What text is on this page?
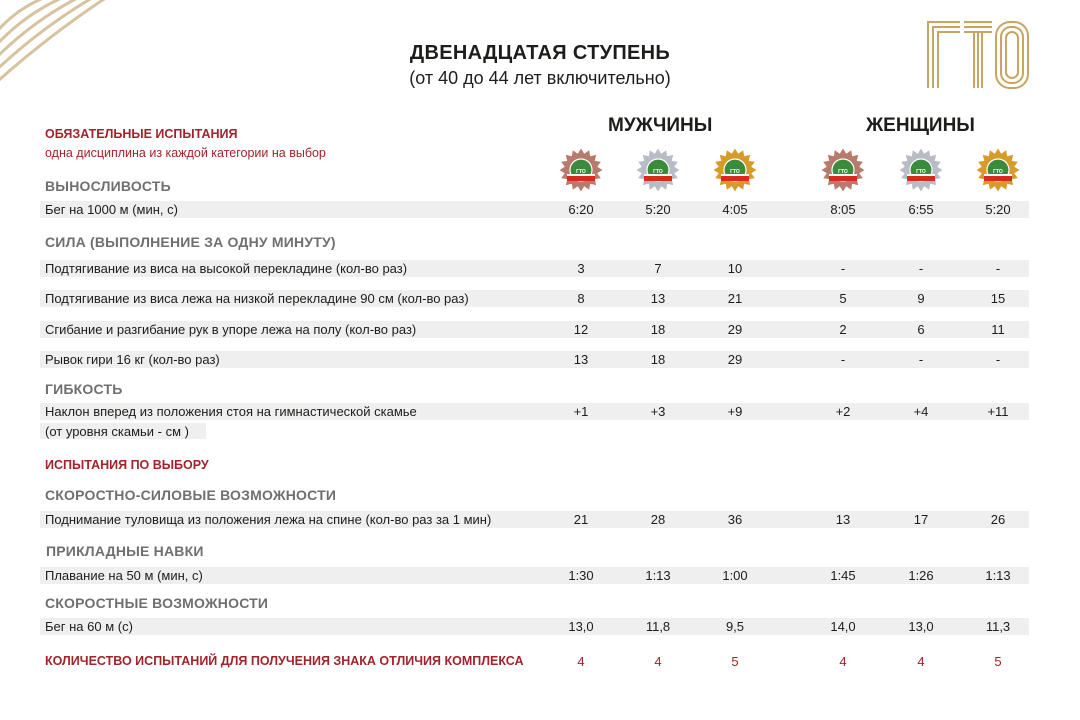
ДВЕНАДЦАТАЯ СТУПЕНЬ
(от 40 до 44 лет включительно)
МУЖЧИНЫ	ЖЕНЩИНЫ
ГТО	ГТО	ГТО	ГТО	ГТО	ГТО
ОБЯЗАТЕЛЬНЫЕ ИСПЫТАНИЯ
одна дисциплина из каждой категории на выбор
ВЫНОСЛИВОСТЬ
Бег на 1000 м (мин, с)	6:20	5:20	4:05	8:05	6:55	5:20
СИЛА (ВЫПОЛНЕНИЕ ЗА ОДНУ МИНУТУ)
Подтягивание из виса на высокой перекладине (кол-во раз)	3	7	10	-	-	-
Подтягивание из виса лежа на низкой перекладине 90 см (кол-во раз)	8	13	21	5	9	15
Сгибание и разгибание рук в упоре лежа на полу (кол-во раз)	12	18	29	2	6	11
Рывок гири 16 кг (кол-во раз)	13	18	29	-	-	-
ГИБКОСТЬ
Наклон вперед из положения стоя на гимнастической скамье	+1	+3	+9	+2	+4	+11
(от уровня скамьи - см )
ИСПЫТАНИЯ ПО ВЫБОРУ
СКОРОСТНО-СИЛОВЫЕ ВОЗМОЖНОСТИ
Поднимание туловища из положения лежа на спине (кол-во раз за 1 мин)	21	28	36	13	17	26
ПРИКЛАДНЫЕ НАВКИ
Плавание на 50 м (мин, с)	1:30	1:13	1:00	1:45	1:26	1:13
СКОРОСТНЫЕ ВОЗМОЖНОСТИ
Бег на 60 м (с)	13,0	11,8	9,5	14,0	13,0	11,3
КОЛИЧЕСТВО ИСПЫТАНИЙ ДЛЯ ПОЛУЧЕНИЯ ЗНАКА ОТЛИЧИЯ КОМПЛЕКСА	4	4	5	4	4	5
